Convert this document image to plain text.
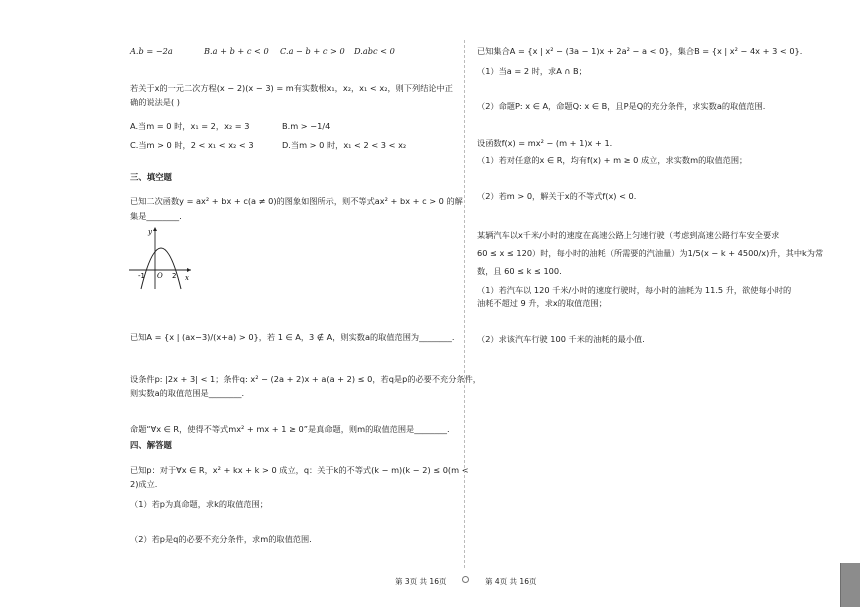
A.b = −2a	B.a + b + c < 0 C.a − b + c > 0 D.abc < 0
若关于x的一元二次方程(x − 2)(x − 3) = m有实数根x₁，x₂，x₁ < x₂，则下列结论中正
确的说法是( )
A.当m = 0 时，x₁ = 2，x₂ = 3	B.m > −1/4
C.当m > 0 时，2 < x₁ < x₂ < 3	D.当m > 0 时，x₁ < 2 < 3 < x₂
三、填空题
已知二次函数y = ax² + bx + c(a ≠ 0)的图象如图所示，则不等式ax² + bx + c > 0 的解
集是________.
y
x
-1 O 2
已知A = {x | (ax−3)/(x+a) > 0}，若 1 ∈ A，3 ∉ A，则实数a的取值范围为________.
设条件p: |2x + 3| < 1；条件q: x² − (2a + 2)x + a(a + 2) ≤ 0，若q是p的必要不充分条件，
则实数a的取值范围是________.
命题“∀x ∈ R，使得不等式mx² + mx + 1 ≥ 0”是真命题，则m的取值范围是________.
四、解答题
已知p：对于∀x ∈ R，x² + kx + k > 0 成立，q：关于k的不等式(k − m)(k − 2) ≤ 0(m <
2)成立.
（1）若p为真命题，求k的取值范围；
（2）若p是q的必要不充分条件，求m的取值范围.
已知集合A = {x | x² − (3a − 1)x + 2a² − a < 0}，集合B = {x | x² − 4x + 3 < 0}.
（1）当a = 2 时，求A ∩ B；
（2）命题P: x ∈ A，命题Q: x ∈ B，且P是Q的充分条件，求实数a的取值范围.
设函数f(x) = mx² − (m + 1)x + 1.
（1）若对任意的x ∈ R，均有f(x) + m ≥ 0 成立，求实数m的取值范围；
（2）若m > 0，解关于x的不等式f(x) < 0.
某辆汽车以x千米/小时的速度在高速公路上匀速行驶（考虑到高速公路行车安全要求
60 ≤ x ≤ 120）时，每小时的油耗（所需要的汽油量）为1/5(x − k + 4500/x)升，其中k为常
数，且 60 ≤ k ≤ 100.
（1）若汽车以 120 千米/小时的速度行驶时，每小时的油耗为 11.5 升，欲使每小时的
油耗不超过 9 升，求x的取值范围；
（2）求该汽车行驶 100 千米的油耗的最小值.
第 3页 共 16页	第 4页 共 16页
